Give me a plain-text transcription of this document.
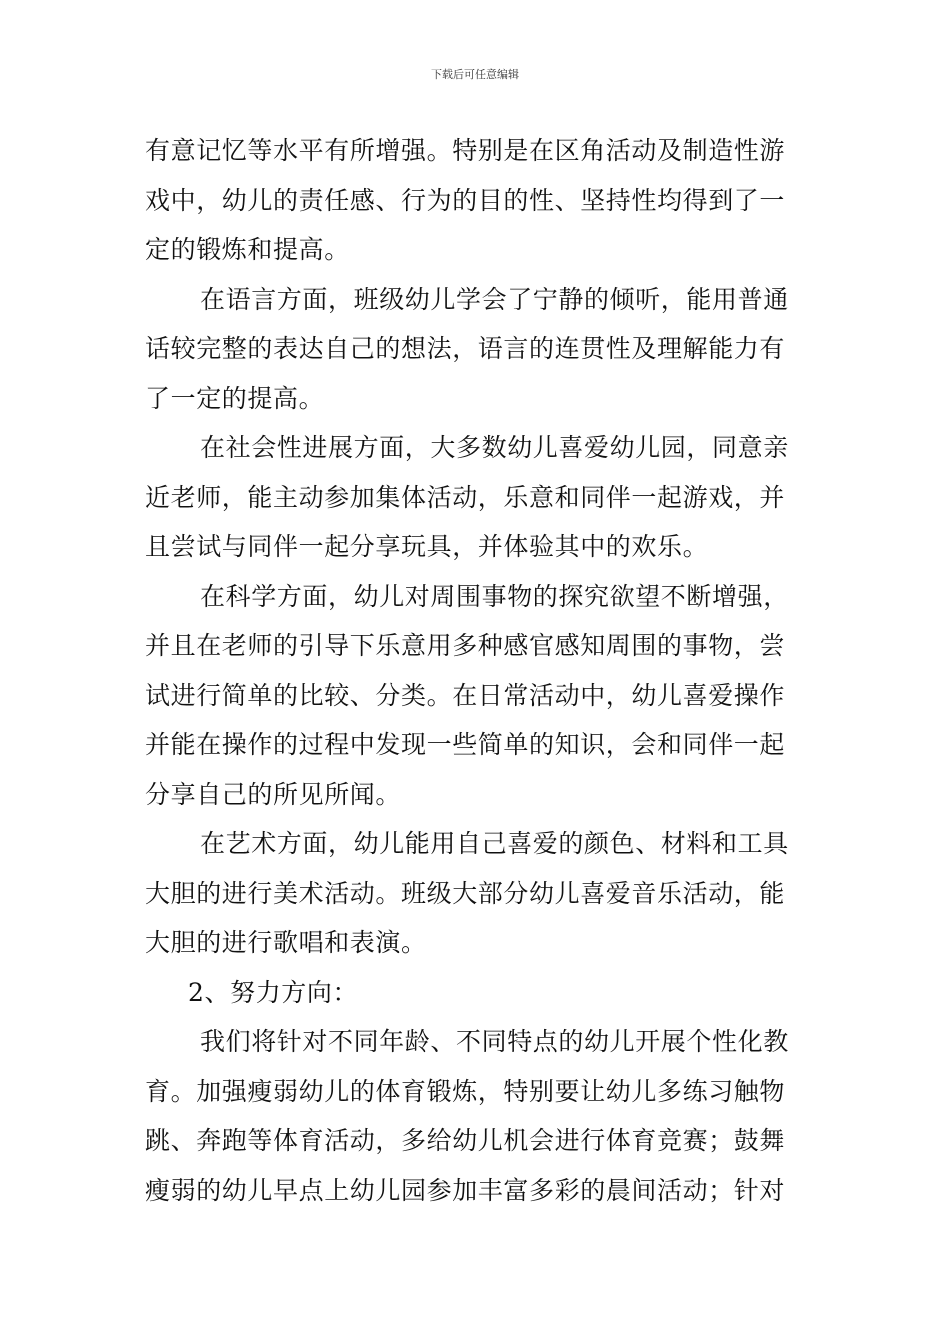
下载后可任意编辑

有意记忆等水平有所增强。特别是在区角活动及制造性游
戏中，幼儿的责任感、行为的目的性、坚持性均得到了一
定的锻炼和提高。

在语言方面，班级幼儿学会了宁静的倾听，能用普通
话较完整的表达自己的想法，语言的连贯性及理解能力有
了一定的提高。

在社会性进展方面，大多数幼儿喜爱幼儿园，同意亲
近老师，能主动参加集体活动，乐意和同伴一起游戏，并
且尝试与同伴一起分享玩具，并体验其中的欢乐。

在科学方面，幼儿对周围事物的探究欲望不断增强，
并且在老师的引导下乐意用多种感官感知周围的事物，尝
试进行简单的比较、分类。在日常活动中，幼儿喜爱操作
并能在操作的过程中发现一些简单的知识，会和同伴一起
分享自己的所见所闻。

在艺术方面，幼儿能用自己喜爱的颜色、材料和工具
大胆的进行美术活动。班级大部分幼儿喜爱音乐活动，能
大胆的进行歌唱和表演。

2、努力方向：

我们将针对不同年龄、不同特点的幼儿开展个性化教
育。加强瘦弱幼儿的体育锻炼，特别要让幼儿多练习触物
跳、奔跑等体育活动，多给幼儿机会进行体育竞赛；鼓舞
瘦弱的幼儿早点上幼儿园参加丰富多彩的晨间活动；针对
